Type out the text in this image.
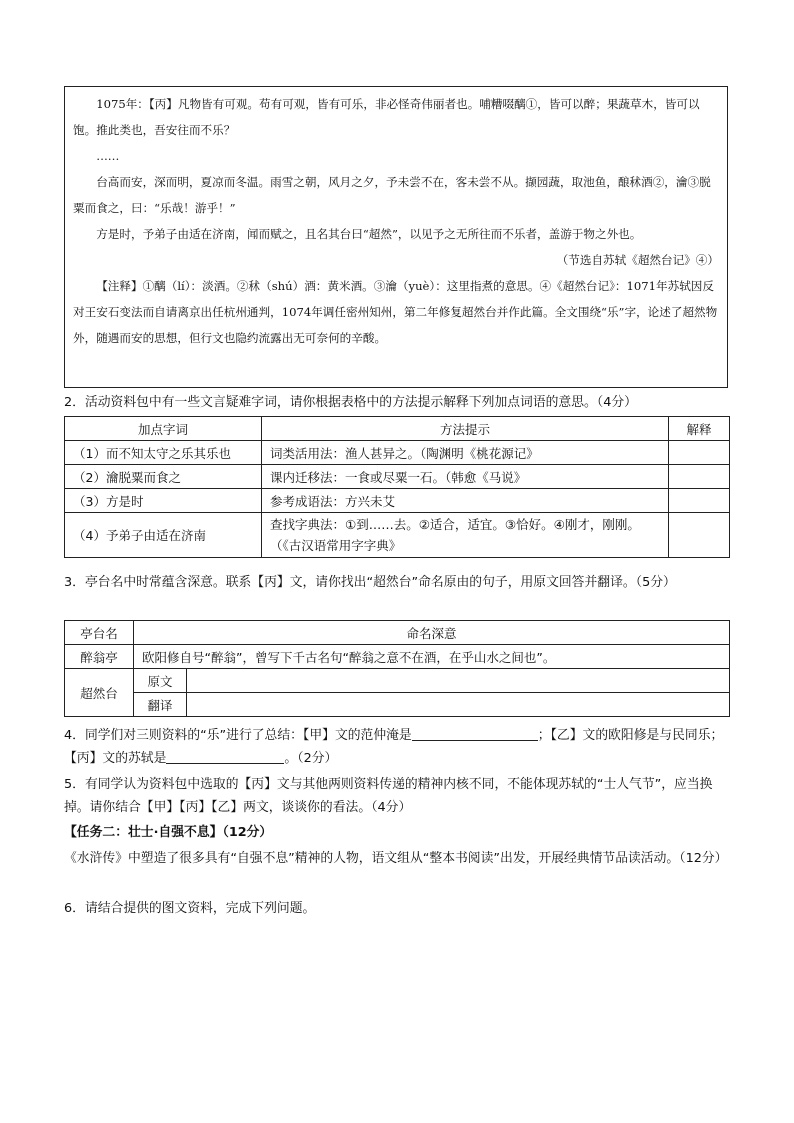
1075年：【丙】凡物皆有可观。苟有可观，皆有可乐，非必怪奇伟丽者也。哺糟啜醨①，皆可以醉；果蔬草木，皆可以饱。推此类也，吾安往而不乐？

……

台高而安，深而明，夏凉而冬温。雨雪之朝，风月之夕，予未尝不在，客未尝不从。撷园蔬，取池鱼，酿秫酒②，瀹③脱粟而食之，曰：“乐哉！游乎！”

方是时，予弟子由适在济南，闻而赋之，且名其台曰“超然”，以见予之无所往而不乐者，盖游于物之外也。

（节选自苏轼《超然台记》④）

【注释】①醨（lí）：淡酒。②秫（shú）酒：黄米酒。③瀹（yuè）：这里指煮的意思。④《超然台记》：1071年苏轼因反对王安石变法而自请离京出任杭州通判，1074年调任密州知州，第二年修复超然台并作此篇。全文围绕“乐”字，论述了超然物外，随遇而安的思想，但行文也隐约流露出无可奈何的辛酸。

2．活动资料包中有一些文言疑难字词，请你根据表格中的方法提示解释下列加点词语的意思。（4分）
加点字词	方法提示	解释
（1）而不知太守之乐其乐也	词类活用法：渔人甚异之。（陶渊明《桃花源记》	
（2）瀹脱粟而食之	课内迁移法：一食或尽粟一石。（韩愈《马说》	
（3）方是时	参考成语法：方兴未艾	
（4）予弟子由适在济南	查找字典法：①到……去。②适合，适宜。③恰好。④刚才，刚刚。（《古汉语常用字字典》	
3．亭台名中时常蕴含深意。联系【丙】文，请你找出“超然台”命名原由的句子，用原文回答并翻译。（5分）
亭台名	命名深意	
醉翁亭	欧阳修自号“醉翁”，曾写下千古名句“醉翁之意不在酒，在乎山水之间也”。	
超然台	原文	
	翻译	
4．同学们对三则资料的“乐”进行了总结：【甲】文的范仲淹是	；【乙】文的欧阳修是与民同乐；【丙】文的苏轼是	。（2分）
5．有同学认为资料包中选取的【丙】文与其他两则资料传递的精神内核不同，不能体现苏轼的“士人气节”，应当换掉。请你结合【甲】【丙】【乙】两文，谈谈你的看法。（4分）
【任务二：壮士·自强不息】（12分）
《水浒传》中塑造了很多具有“自强不息”精神的人物，语文组从“整本书阅读”出发，开展经典情节品读活动。（12分）
6．请结合提供的图文资料，完成下列问题。
